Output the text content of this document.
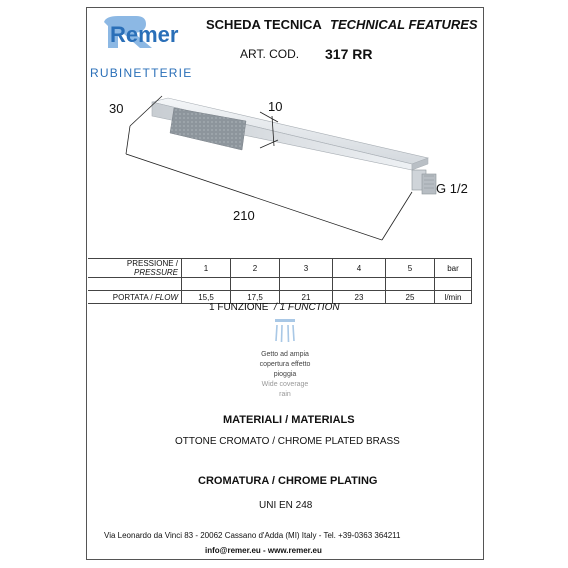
Remer
RUBINETTERIE
SCHEDA TECNICA TECHNICAL FEATURES
ART. COD. 317 RR
30	10
210
G 1/2
PRESSIONE / PRESSURE	1	2	3	4	5	bar

PORTATA / FLOW	15,5	17,5	21	23	25	l/min
1 FUNZIONE / 1 FUNCTION
Getto ad ampia
copertura effetto
pioggia
Wide coverage
rain
MATERIALI / MATERIALS
OTTONE CROMATO / CHROME PLATED BRASS
CROMATURA / CHROME PLATING
UNI EN 248
Via Leonardo da Vinci 83 - 20062 Cassano d'Adda (MI) Italy - Tel. +39-0363 364211
info@remer.eu - www.remer.eu
